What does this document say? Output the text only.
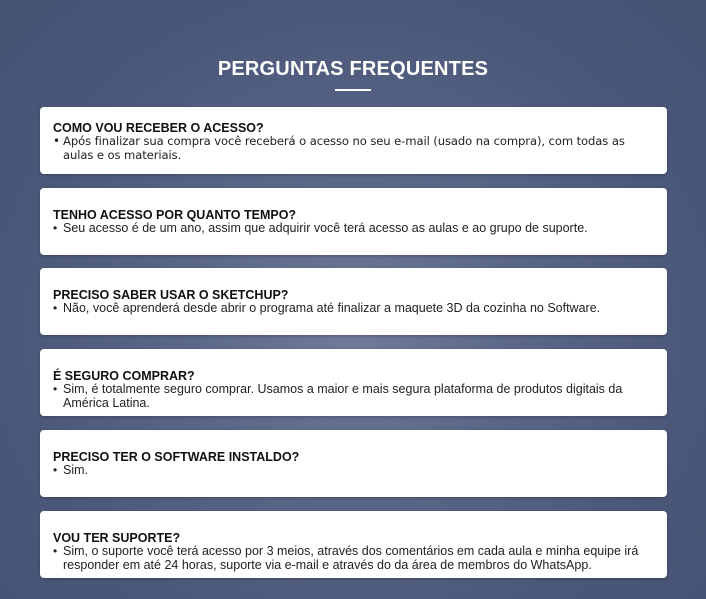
PERGUNTAS FREQUENTES
COMO VOU RECEBER O ACESSO?
• Após finalizar sua compra você receberá o acesso no seu e-mail (usado na compra), com todas as aulas e os materiais.
TENHO ACESSO POR QUANTO TEMPO?
• Seu acesso é de um ano, assim que adquirir você terá acesso as aulas e ao grupo de suporte.
PRECISO SABER USAR O SKETCHUP?
• Não, você aprenderá desde abrir o programa até finalizar a maquete 3D da cozinha no Software.
É SEGURO COMPRAR?
• Sim, é totalmente seguro comprar. Usamos a maior e mais segura plataforma de produtos digitais da América Latina.
PRECISO TER O SOFTWARE INSTALDO?
• Sim.
VOU TER SUPORTE?
• Sim, o suporte você terá acesso por 3 meios, através dos comentários em cada aula e minha equipe irá responder em até 24 horas, suporte via e-mail e através do da área de membros do WhatsApp.
